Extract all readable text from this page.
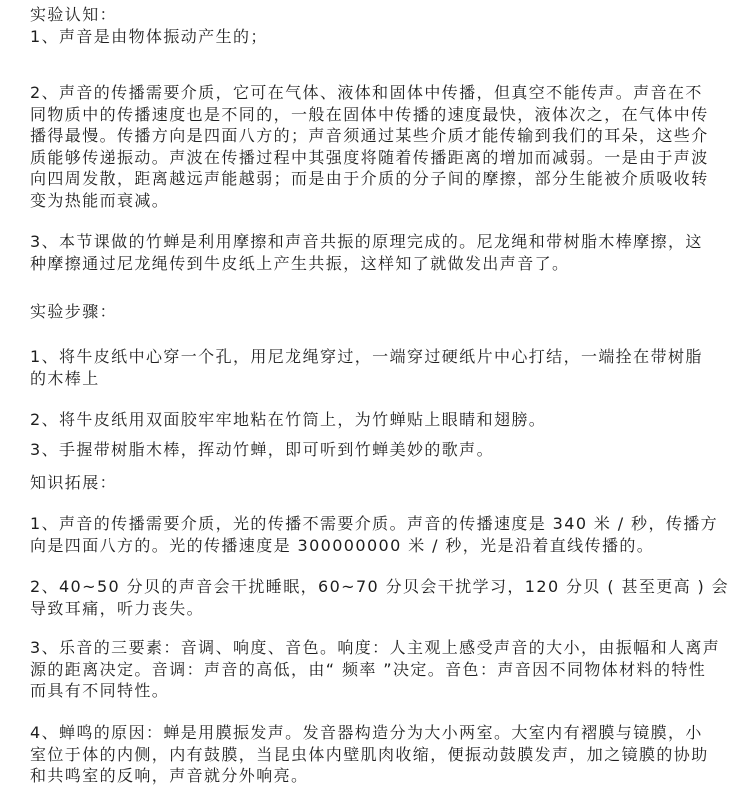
实验认知：
1、声音是由物体振动产生的；
2、声音的传播需要介质，它可在气体、液体和固体中传播，但真空不能传声。声音在不
同物质中的传播速度也是不同的，一般在固体中传播的速度最快，液体次之，在气体中传
播得最慢。传播方向是四面八方的；声音须通过某些介质才能传输到我们的耳朵，这些介
质能够传递振动。声波在传播过程中其强度将随着传播距离的增加而减弱。一是由于声波
向四周发散，距离越远声能越弱；而是由于介质的分子间的摩擦，部分生能被介质吸收转
变为热能而衰减。
3、本节课做的竹蝉是利用摩擦和声音共振的原理完成的。尼龙绳和带树脂木棒摩擦，这
种摩擦通过尼龙绳传到牛皮纸上产生共振，这样知了就做发出声音了。
实验步骤：
1、将牛皮纸中心穿一个孔，用尼龙绳穿过，一端穿过硬纸片中心打结，一端拴在带树脂
的木棒上
2、将牛皮纸用双面胶牢牢地粘在竹筒上，为竹蝉贴上眼睛和翅膀。
3、手握带树脂木棒，挥动竹蝉，即可听到竹蝉美妙的歌声。
知识拓展：
1、声音的传播需要介质，光的传播不需要介质。声音的传播速度是 340 米 / 秒，传播方
向是四面八方的。光的传播速度是 300000000 米 / 秒，光是沿着直线传播的。
2、40~50 分贝的声音会干扰睡眠，60~70 分贝会干扰学习，120 分贝 ( 甚至更高 ) 会
导致耳痛，听力丧失。
3、乐音的三要素：音调、响度、音色。响度：人主观上感受声音的大小，由振幅和人离声
源的距离决定。音调：声音的高低，由“ 频率 ”决定。音色：声音因不同物体材料的特性
而具有不同特性。
4、蝉鸣的原因：蝉是用膜振发声。发音器构造分为大小两室。大室内有褶膜与镜膜，小
室位于体的内侧，内有鼓膜，当昆虫体内壁肌肉收缩，便振动鼓膜发声，加之镜膜的协助
和共鸣室的反响，声音就分外响亮。
